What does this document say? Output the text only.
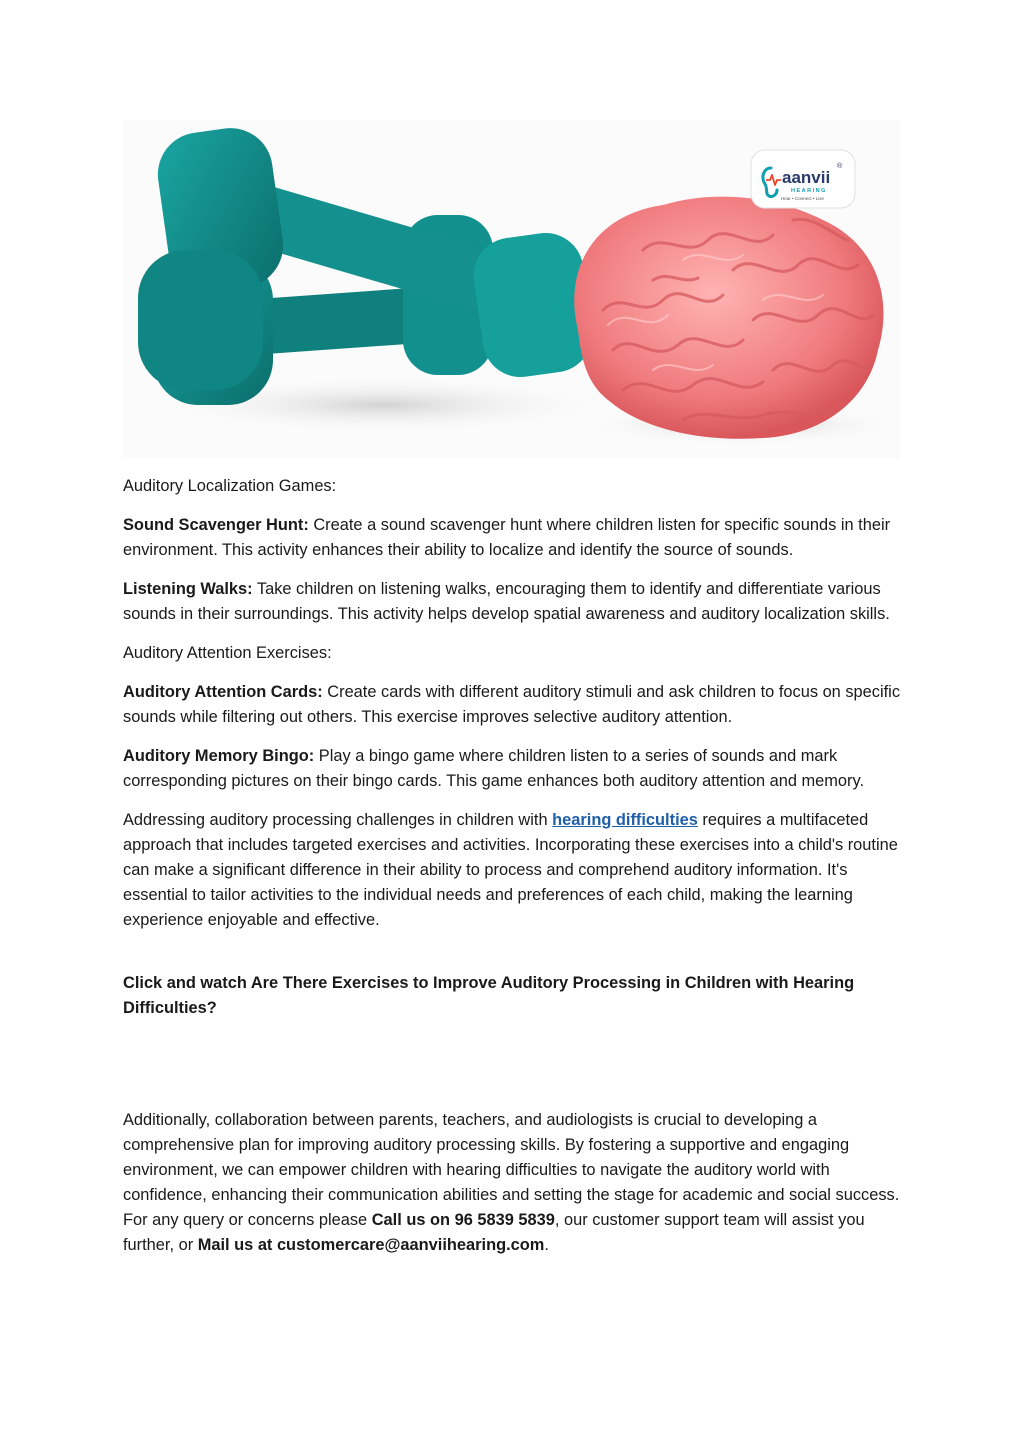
aanvii
®
HEARING
Hear • Connect • Live

Auditory Localization Games:

Sound Scavenger Hunt: Create a sound scavenger hunt where children listen for specific sounds in their environment. This activity enhances their ability to localize and identify the source of sounds.

Listening Walks: Take children on listening walks, encouraging them to identify and differentiate various sounds in their surroundings. This activity helps develop spatial awareness and auditory localization skills.

Auditory Attention Exercises:

Auditory Attention Cards: Create cards with different auditory stimuli and ask children to focus on specific sounds while filtering out others. This exercise improves selective auditory attention.

Auditory Memory Bingo: Play a bingo game where children listen to a series of sounds and mark corresponding pictures on their bingo cards. This game enhances both auditory attention and memory.

Addressing auditory processing challenges in children with hearing difficulties requires a multifaceted approach that includes targeted exercises and activities. Incorporating these exercises into a child's routine can make a significant difference in their ability to process and comprehend auditory information. It's essential to tailor activities to the individual needs and preferences of each child, making the learning experience enjoyable and effective.

Click and watch Are There Exercises to Improve Auditory Processing in Children with Hearing Difficulties?

Additionally, collaboration between parents, teachers, and audiologists is crucial to developing a comprehensive plan for improving auditory processing skills. By fostering a supportive and engaging environment, we can empower children with hearing difficulties to navigate the auditory world with confidence, enhancing their communication abilities and setting the stage for academic and social success. For any query or concerns please Call us on 96 5839 5839, our customer support team will assist you further, or Mail us at customercare@aanviihearing.com.
